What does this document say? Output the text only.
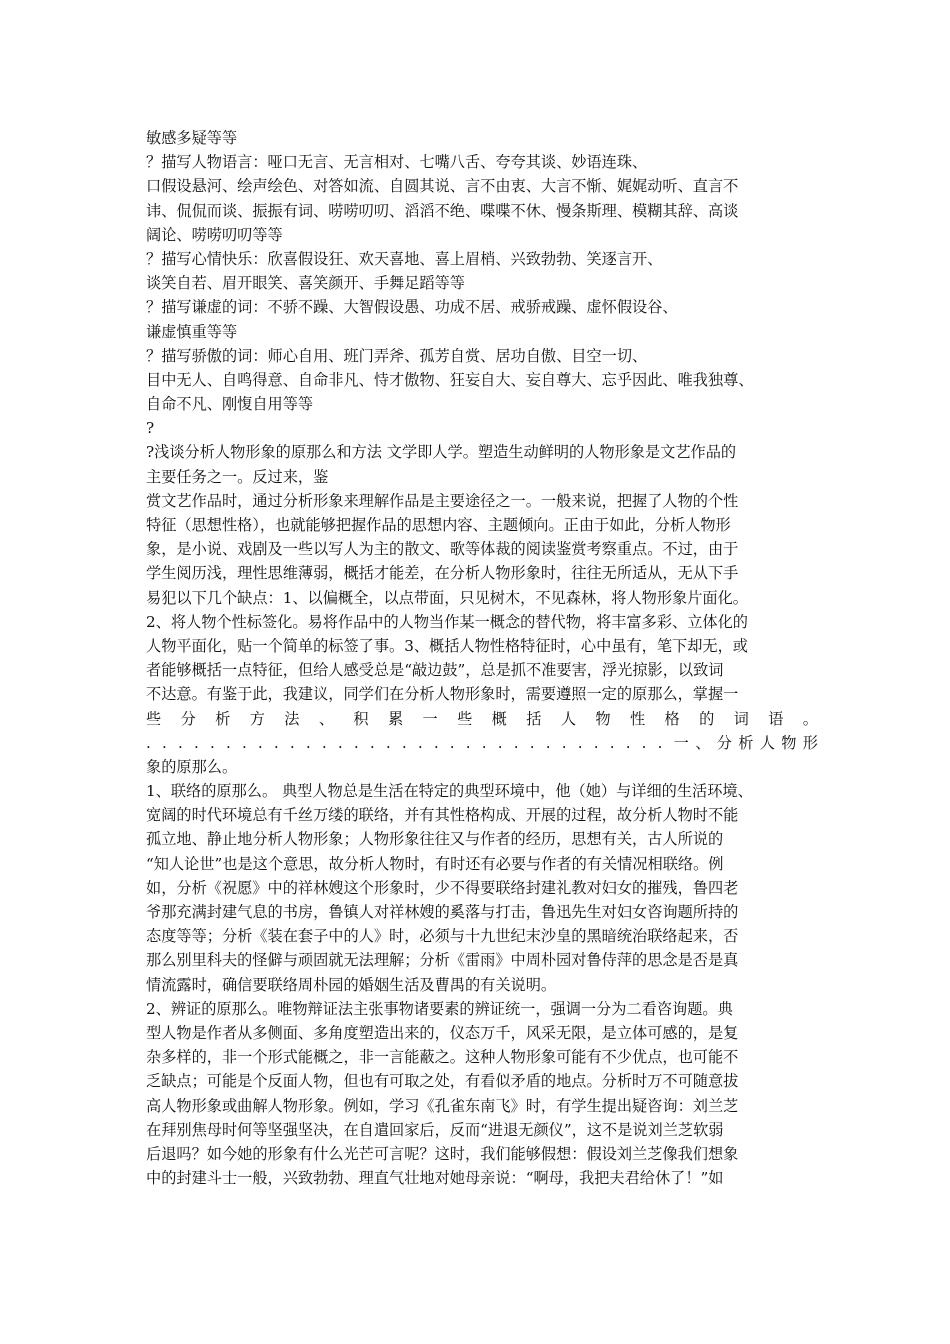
敏感多疑等等
？描写人物语言：哑口无言、无言相对、七嘴八舌、夸夸其谈、妙语连珠、
口假设悬河、绘声绘色、对答如流、自圆其说、言不由衷、大言不惭、娓娓动听、直言不
讳、侃侃而谈、振振有词、唠唠叨叨、滔滔不绝、喋喋不休、慢条斯理、模糊其辞、高谈
阔论、唠唠叨叨等等
？描写心情快乐：欣喜假设狂、欢天喜地、喜上眉梢、兴致勃勃、笑逐言开、
谈笑自若、眉开眼笑、喜笑颜开、手舞足蹈等等
？描写谦虚的词：不骄不躁、大智假设愚、功成不居、戒骄戒躁、虚怀假设谷、
谦虚慎重等等
？描写骄傲的词：师心自用、班门弄斧、孤芳自赏、居功自傲、目空一切、
目中无人、自鸣得意、自命非凡、恃才傲物、狂妄自大、妄自尊大、忘乎因此、唯我独尊、
自命不凡、刚愎自用等等
?
?浅谈分析人物形象的原那么和方法 文学即人学。塑造生动鲜明的人物形象是文艺作品的
主要任务之一。反过来，鉴
赏文艺作品时，通过分析形象来理解作品是主要途径之一。一般来说，把握了人物的个性
特征（思想性格），也就能够把握作品的思想内容、主题倾向。正由于如此，分析人物形
象，是小说、戏剧及一些以写人为主的散文、歌等体裁的阅读鉴赏考察重点。不过，由于
学生阅历浅，理性思维薄弱，概括才能差，在分析人物形象时，往往无所适从，无从下手
易犯以下几个缺点：1、以偏概全，以点带面，只见树木，不见森林，将人物形象片面化。
2、将人物个性标签化。易将作品中的人物当作某一概念的替代物，将丰富多彩、立体化的
人物平面化，贴一个简单的标签了事。3、概括人物性格特征时，心中虽有，笔下却无，或
者能够概括一点特征，但给人感受总是“敲边鼓”，总是抓不准要害，浮光掠影，以致词
不达意。有鉴于此，我建议，同学们在分析人物形象时，需要遵照一定的原那么，掌握一
些 分 析 方 法 、 积 累 一 些 概 括 人 物 性 格 的 词 语 。
. . . . . . . . . . . . . . . . . . . . . . . . . . . . . . . . . 一、分析人物形
象的原那么。
1、联络的原那么。 典型人物总是生活在特定的典型环境中，他（她）与详细的生活环境、
宽阔的时代环境总有千丝万缕的联络，并有其性格构成、开展的过程，故分析人物时不能
孤立地、静止地分析人物形象；人物形象往往又与作者的经历，思想有关，古人所说的
“知人论世”也是这个意思，故分析人物时，有时还有必要与作者的有关情况相联络。例
如，分析《祝愿》中的祥林嫂这个形象时，少不得要联络封建礼教对妇女的摧残，鲁四老
爷那充满封建气息的书房，鲁镇人对祥林嫂的奚落与打击，鲁迅先生对妇女咨询题所持的
态度等等；分析《装在套子中的人》时，必须与十九世纪末沙皇的黑暗统治联络起来，否
那么别里科夫的怪僻与顽固就无法理解；分析《雷雨》中周朴园对鲁侍萍的思念是否是真
情流露时，确信要联络周朴园的婚姻生活及曹禺的有关说明。
2、辨证的原那么。唯物辩证法主张事物诸要素的辨证统一，强调一分为二看咨询题。典
型人物是作者从多侧面、多角度塑造出来的，仪态万千，风采无限，是立体可感的，是复
杂多样的，非一个形式能概之，非一言能蔽之。这种人物形象可能有不少优点，也可能不
乏缺点；可能是个反面人物，但也有可取之处，有看似矛盾的地点。分析时万不可随意拔
高人物形象或曲解人物形象。例如，学习《孔雀东南飞》时，有学生提出疑咨询：刘兰芝
在拜别焦母时何等坚强坚决，在自遣回家后，反而“进退无颜仪”，这不是说刘兰芝软弱
后退吗？如今她的形象有什么光芒可言呢？这时，我们能够假想：假设刘兰芝像我们想象
中的封建斗士一般，兴致勃勃、理直气壮地对她母亲说：“啊母，我把夫君给休了！”如
